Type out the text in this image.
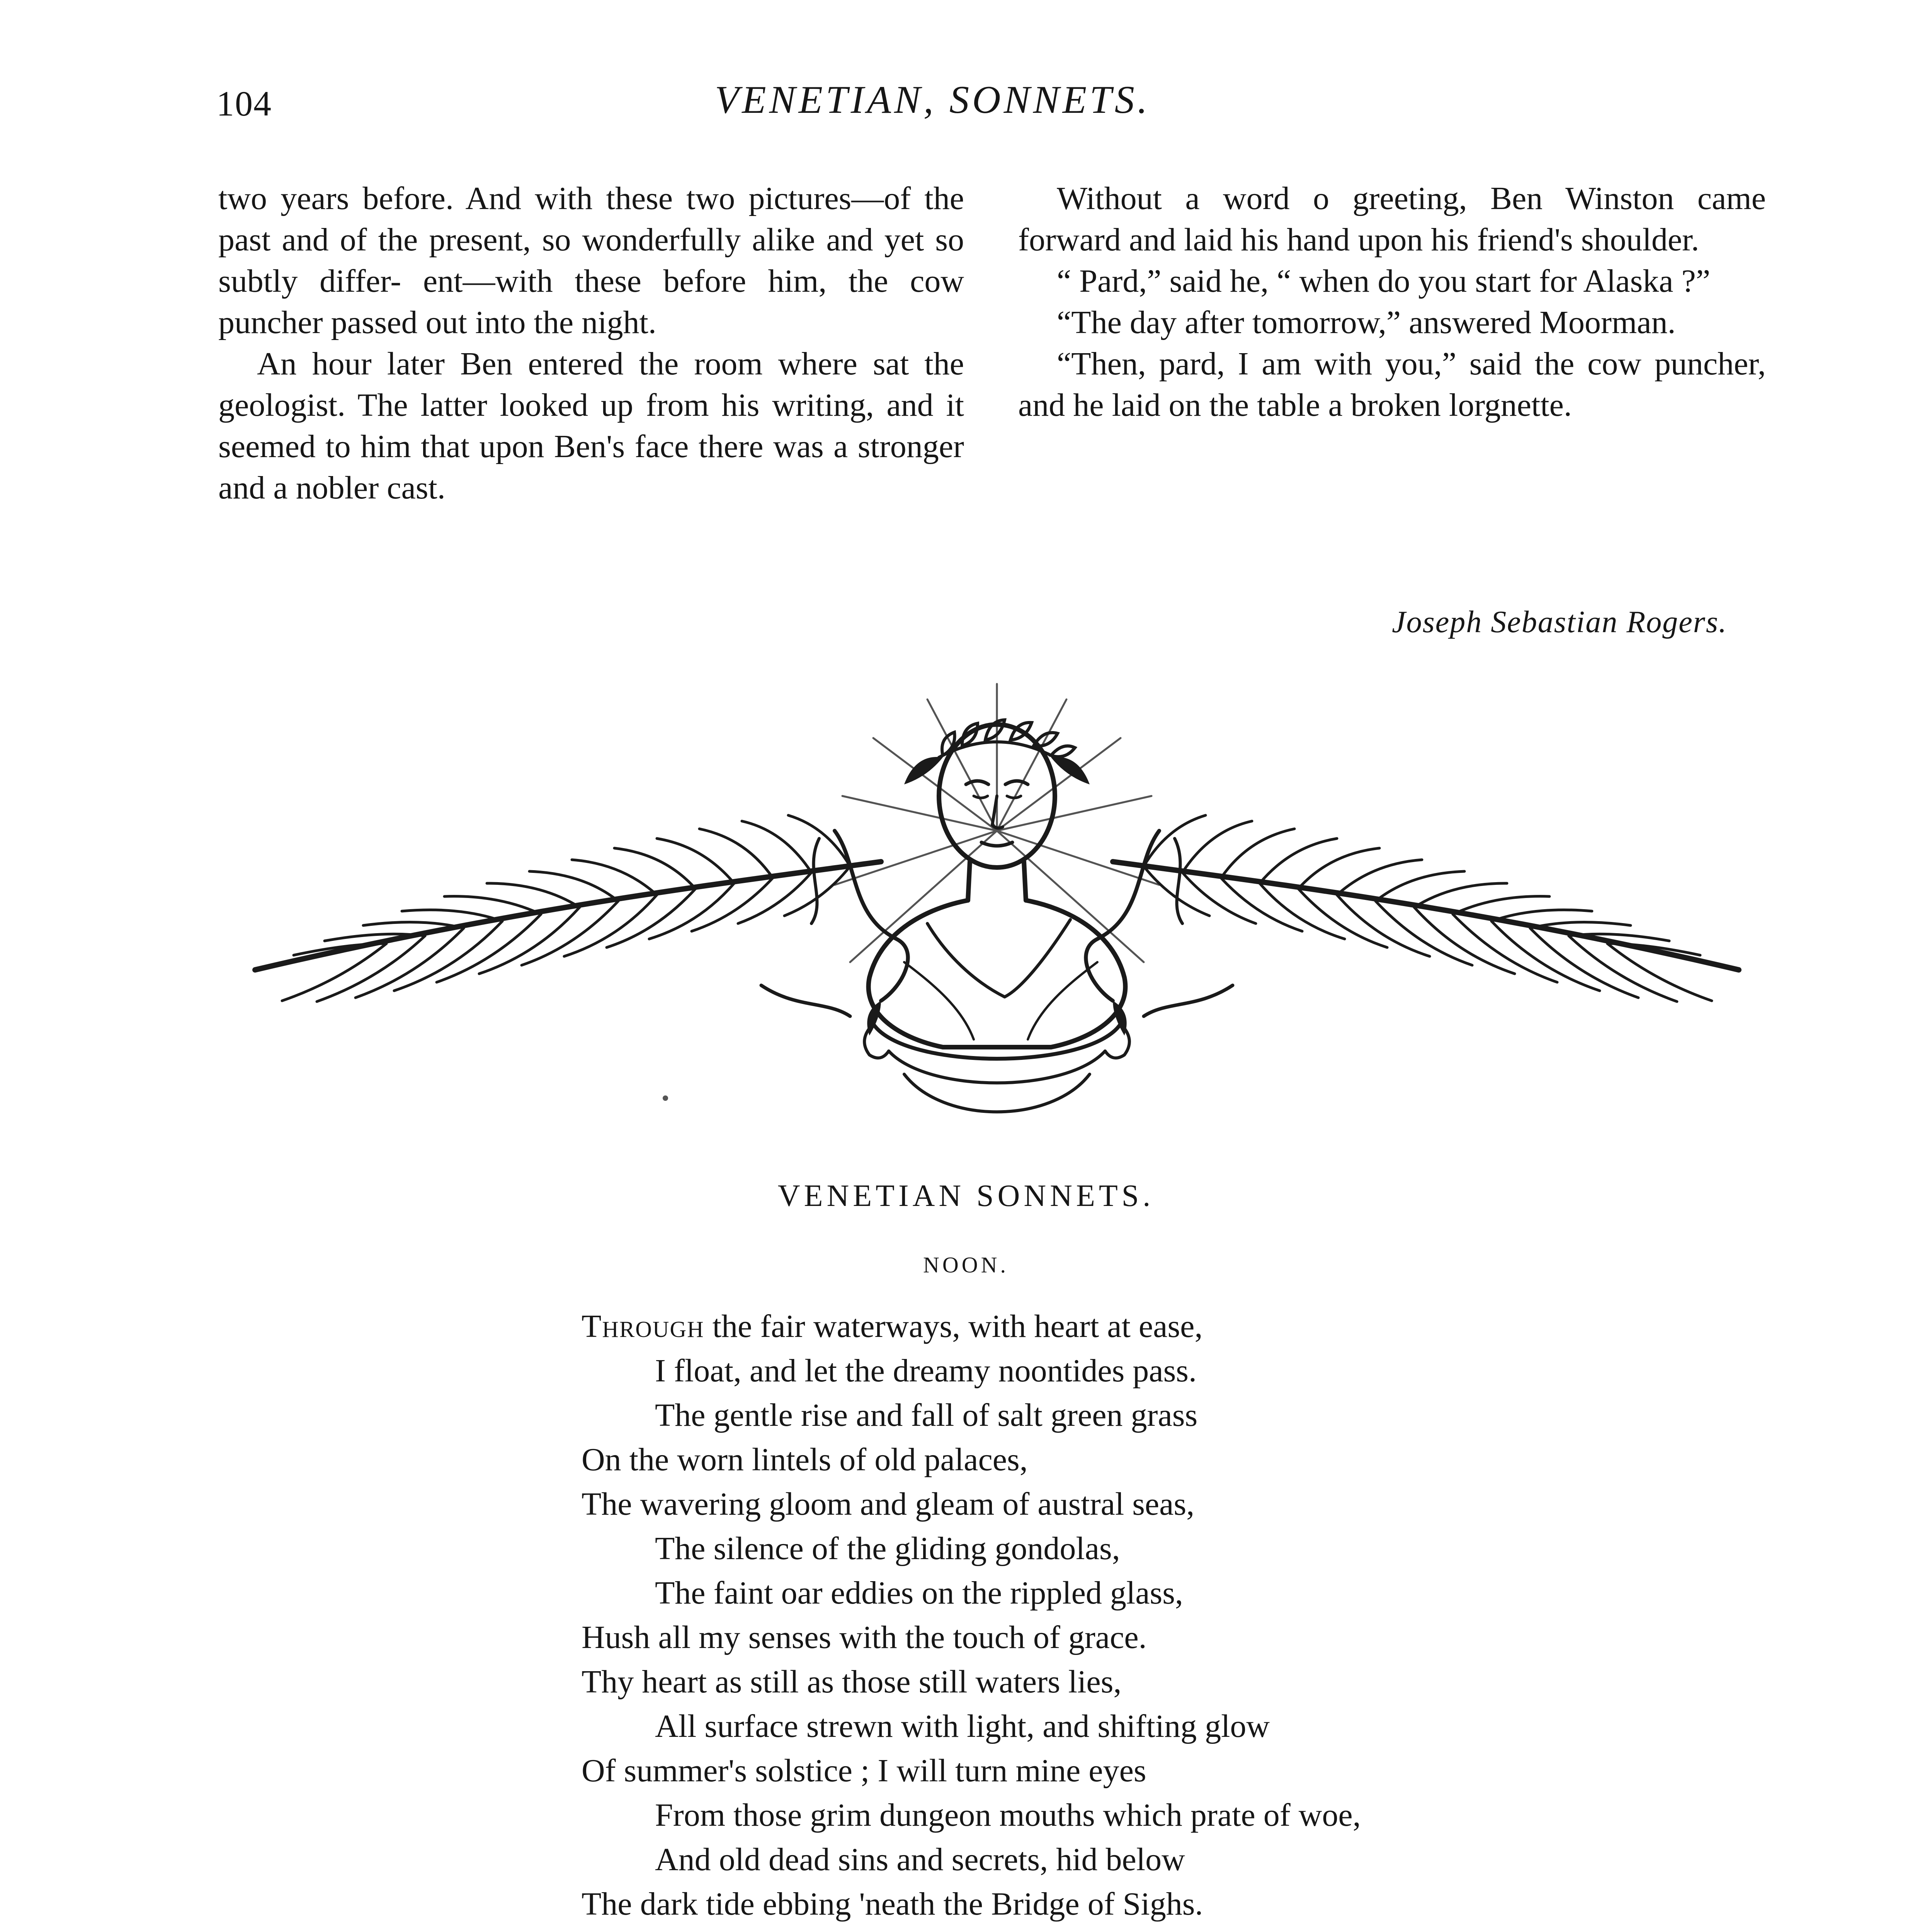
104	VENETIAN, SONNETS.

two years before. And with these two pictures—of the past and of the present, so wonderfully alike and yet so subtly differ- ent—with these before him, the cow puncher passed out into the night.

An hour later Ben entered the room where sat the geologist. The latter looked up from his writing, and it seemed to him that upon Ben's face there was a stronger and a nobler cast.

Without a word o greeting, Ben Winston came forward and laid his hand upon his friend's shoulder.

“ Pard,” said he, “ when do you start for Alaska ?”

“The day after tomorrow,” answered Moorman.

“Then, pard, I am with you,” said the cow puncher, and he laid on the table a broken lorgnette.

Joseph Sebastian Rogers.
VENETIAN SONNETS.
NOON.
Through the fair waterways, with heart at ease,
I float, and let the dreamy noontides pass.
The gentle rise and fall of salt green grass
On the worn lintels of old palaces,
The wavering gloom and gleam of austral seas,
The silence of the gliding gondolas,
The faint oar eddies on the rippled glass,
Hush all my senses with the touch of grace.
Thy heart as still as those still waters lies,
All surface strewn with light, and shifting glow
Of summer's solstice ; I will turn mine eyes
From those grim dungeon mouths which prate of woe,
And old dead sins and secrets, hid below
The dark tide ebbing 'neath the Bridge of Sighs.
